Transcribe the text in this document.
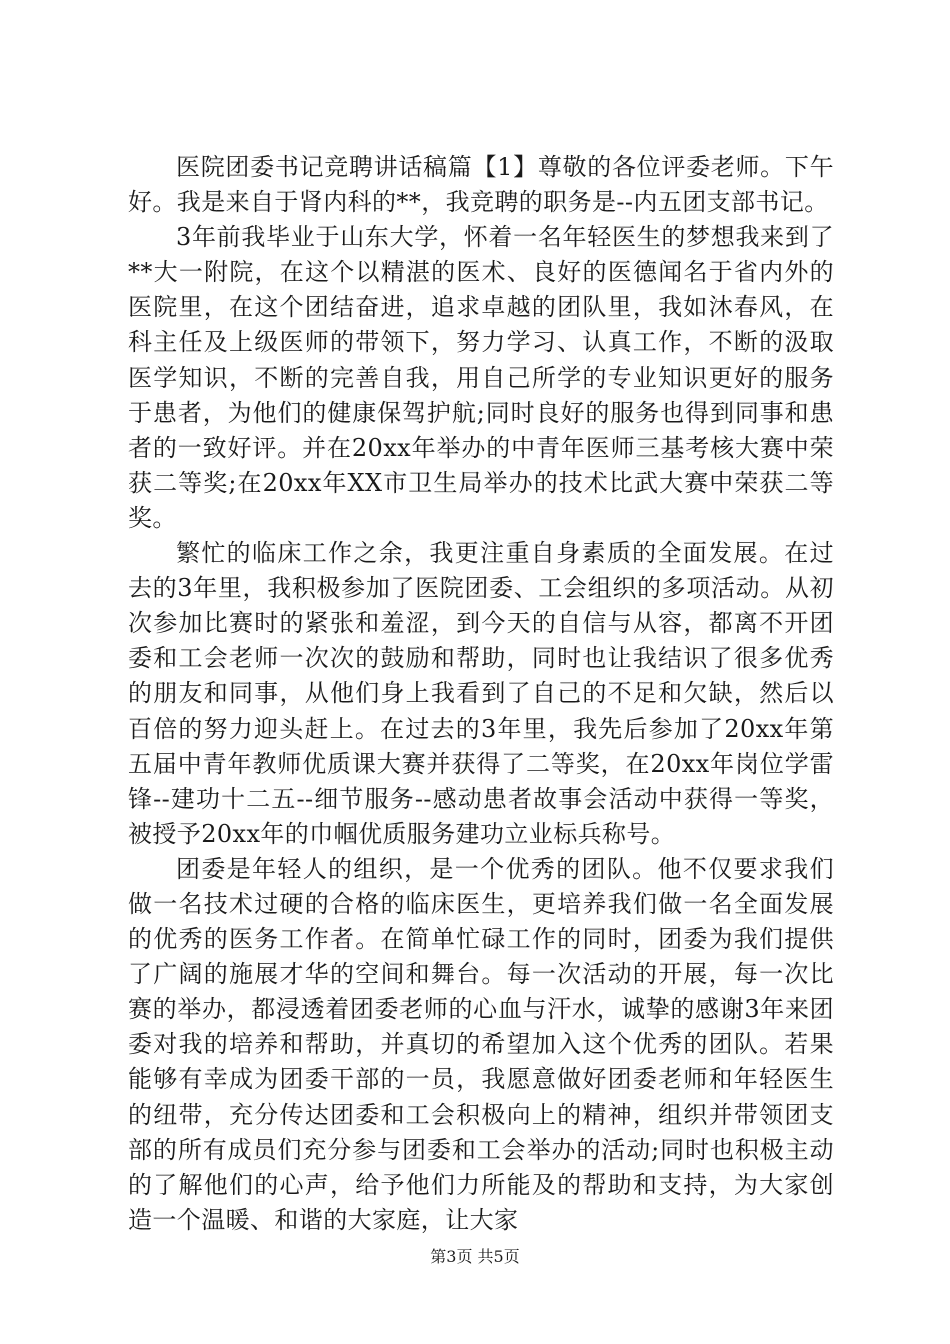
医院团委书记竞聘讲话稿篇【1】尊敬的各位评委老师。下午好。我是来自于肾内科的**，我竞聘的职务是--内五团支部书记。

3年前我毕业于山东大学，怀着一名年轻医生的梦想我来到了**大一附院，在这个以精湛的医术、良好的医德闻名于省内外的医院里，在这个团结奋进，追求卓越的团队里，我如沐春风，在科主任及上级医师的带领下，努力学习、认真工作，不断的汲取医学知识，不断的完善自我，用自己所学的专业知识更好的服务于患者，为他们的健康保驾护航;同时良好的服务也得到同事和患者的一致好评。并在20xx年举办的中青年医师三基考核大赛中荣获二等奖;在20xx年XX市卫生局举办的技术比武大赛中荣获二等奖。

繁忙的临床工作之余，我更注重自身素质的全面发展。在过去的3年里，我积极参加了医院团委、工会组织的多项活动。从初次参加比赛时的紧张和羞涩，到今天的自信与从容，都离不开团委和工会老师一次次的鼓励和帮助，同时也让我结识了很多优秀的朋友和同事，从他们身上我看到了自己的不足和欠缺，然后以百倍的努力迎头赶上。在过去的3年里，我先后参加了20xx年第五届中青年教师优质课大赛并获得了二等奖，在20xx年岗位学雷锋--建功十二五--细节服务--感动患者故事会活动中获得一等奖，被授予20xx年的巾帼优质服务建功立业标兵称号。

团委是年轻人的组织，是一个优秀的团队。他不仅要求我们做一名技术过硬的合格的临床医生，更培养我们做一名全面发展的优秀的医务工作者。在简单忙碌工作的同时，团委为我们提供了广阔的施展才华的空间和舞台。每一次活动的开展，每一次比赛的举办，都浸透着团委老师的心血与汗水，诚挚的感谢3年来团委对我的培养和帮助，并真切的希望加入这个优秀的团队。若果能够有幸成为团委干部的一员，我愿意做好团委老师和年轻医生的纽带，充分传达团委和工会积极向上的精神，组织并带领团支部的所有成员们充分参与团委和工会举办的活动;同时也积极主动的了解他们的心声，给予他们力所能及的帮助和支持，为大家创造一个温暖、和谐的大家庭，让大家

第3页 共5页
